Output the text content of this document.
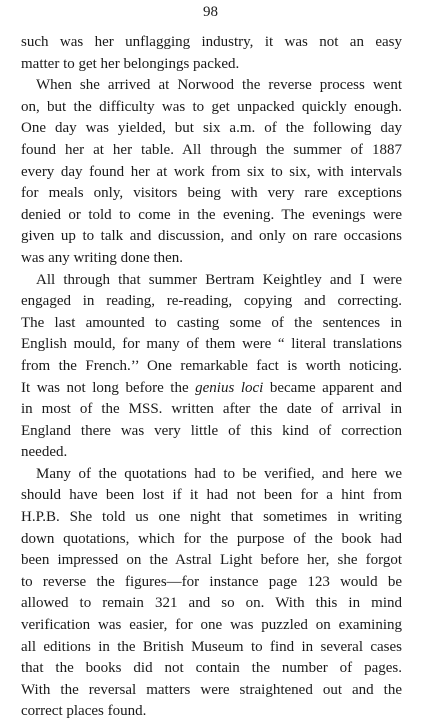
98
such was her unflagging industry, it was not an easy
matter to get her belongings packed.
When she arrived at Norwood the reverse process went
on, but the difficulty was to get unpacked quickly enough.
One day was yielded, but six a.m. of the following day
found her at her table. All through the summer of 1887
every day found her at work from six to six, with intervals
for meals only, visitors being with very rare exceptions
denied or told to come in the evening. The evenings were
given up to talk and discussion, and only on rare occasions
was any writing done then.
All through that summer Bertram Keightley and I were
engaged in reading, re-reading, copying and correcting.
The last amounted to casting some of the sentences in
English mould, for many of them were “ literal translations
from the French.’’ One remarkable fact is worth noticing.
It was not long before the genius loci became apparent and
in most of the MSS. written after the date of arrival in
England there was very little of this kind of correction
needed.
Many of the quotations had to be verified, and here we
should have been lost if it had not been for a hint from
H.P.B. She told us one night that sometimes in writing
down quotations, which for the purpose of the book had
been impressed on the Astral Light before her, she forgot
to reverse the figures—for instance page 123 would be
allowed to remain 321 and so on. With this in mind
verification was easier, for one was puzzled on examining
all editions in the British Museum to find in several cases
that the books did not contain the number of pages.
With the reversal matters were straightened out and the
correct places found.
